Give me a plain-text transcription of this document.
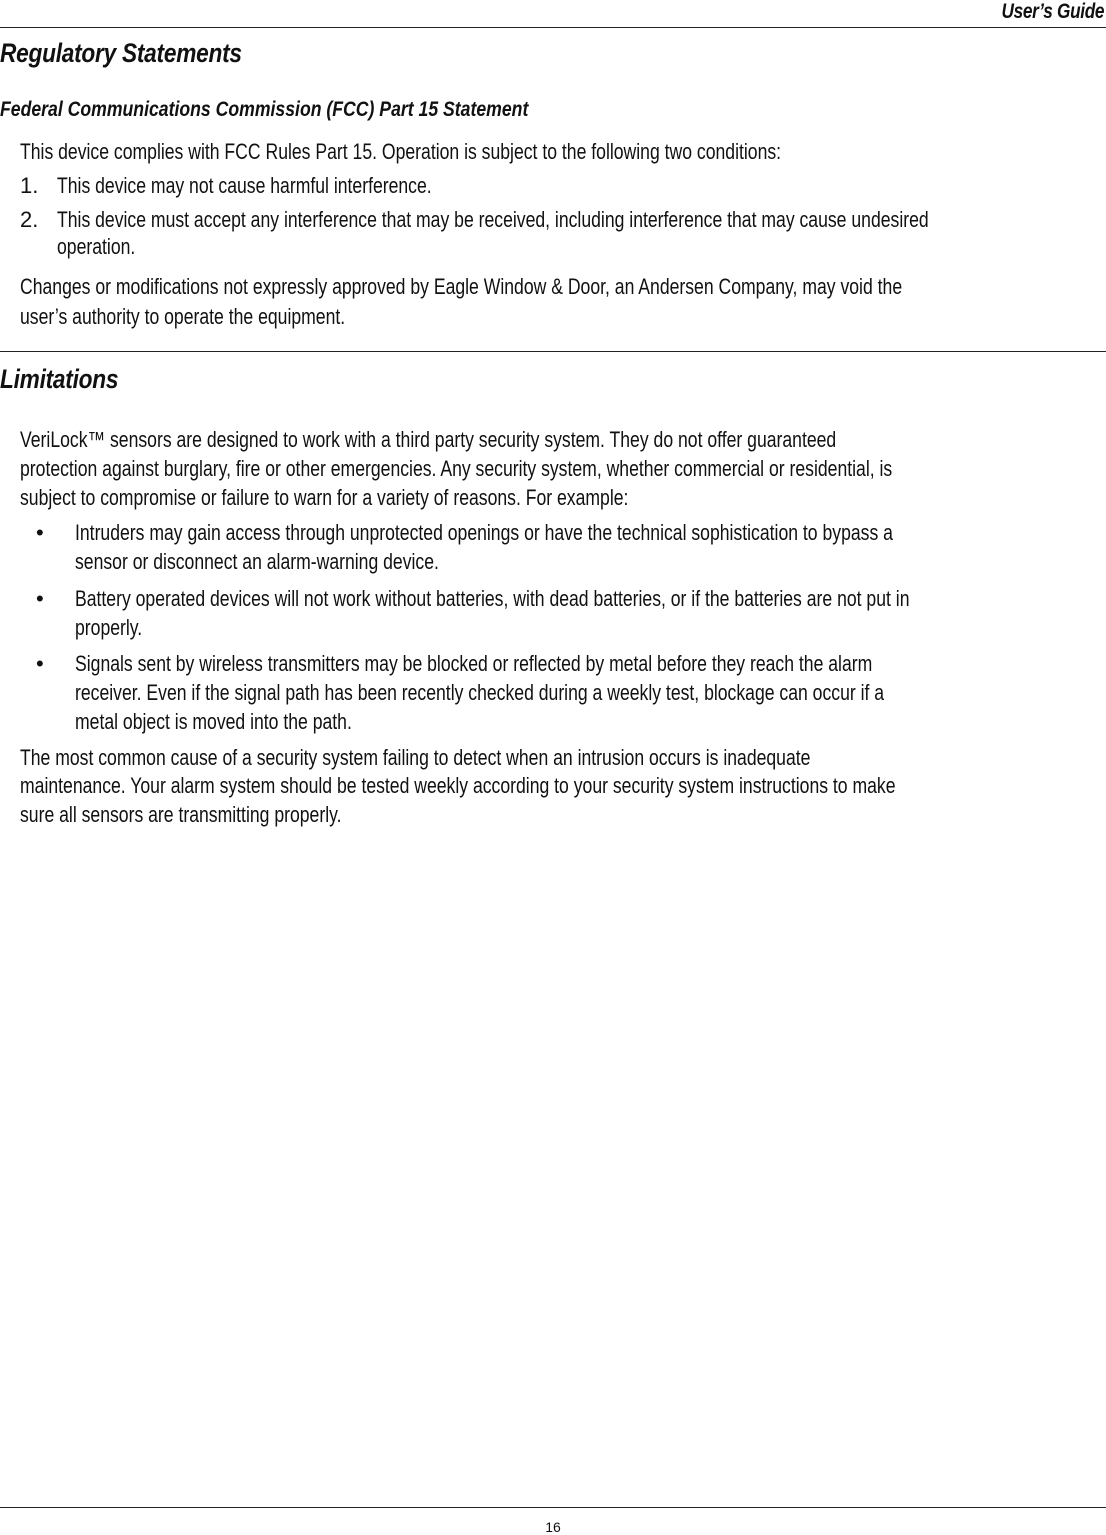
User’s Guide
Regulatory Statements
Federal Communications Commission (FCC) Part 15 Statement
This device complies with FCC Rules Part 15. Operation is subject to the following two conditions:
1. This device may not cause harmful interference.
2. This device must accept any interference that may be received, including interference that may cause undesired
operation.
Changes or modifications not expressly approved by Eagle Window & Door, an Andersen Company, may void the
user’s authority to operate the equipment.
Limitations
VeriLock™ sensors are designed to work with a third party security system. They do not offer guaranteed
protection against burglary, fire or other emergencies. Any security system, whether commercial or residential, is
subject to compromise or failure to warn for a variety of reasons. For example:
• Intruders may gain access through unprotected openings or have the technical sophistication to bypass a
sensor or disconnect an alarm-warning device.
• Battery operated devices will not work without batteries, with dead batteries, or if the batteries are not put in
properly.
• Signals sent by wireless transmitters may be blocked or reflected by metal before they reach the alarm
receiver. Even if the signal path has been recently checked during a weekly test, blockage can occur if a
metal object is moved into the path.
The most common cause of a security system failing to detect when an intrusion occurs is inadequate
maintenance. Your alarm system should be tested weekly according to your security system instructions to make
sure all sensors are transmitting properly.
16
